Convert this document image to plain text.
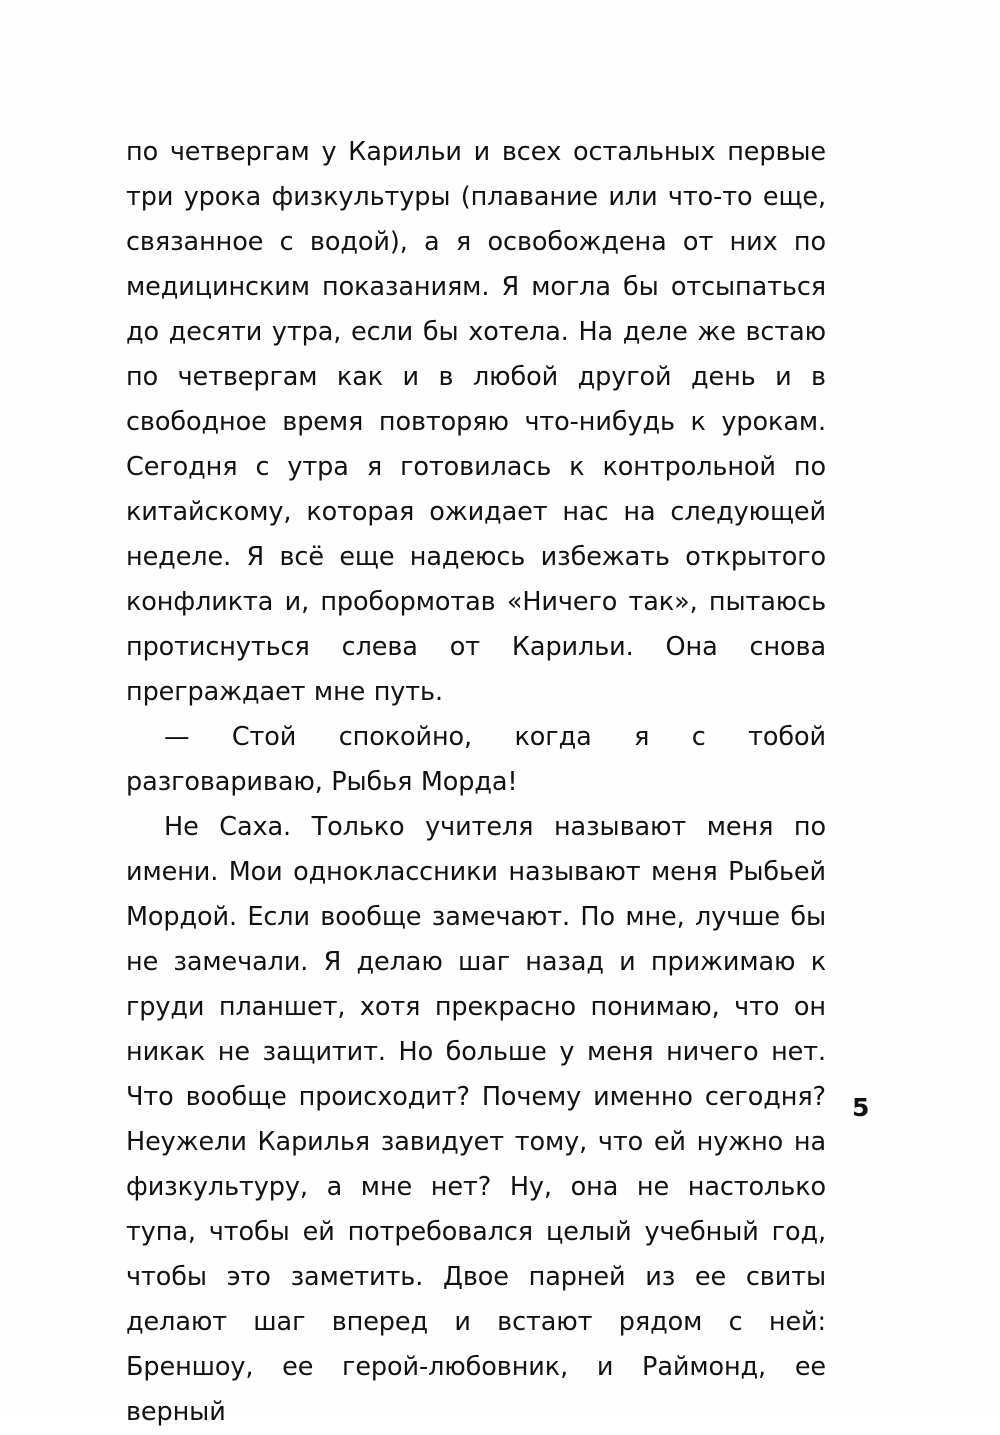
по четвергам у Карильи и всех остальных первые три урока физкультуры (плавание или что-то еще, связанное с водой), а я освобождена от них по медицинским показаниям. Я могла бы отсыпаться до десяти утра, если бы хотела. На деле же встаю по четвергам как и в любой другой день и в свободное время повторяю что-нибудь к урокам. Сегодня с утра я готовилась к контрольной по китайскому, которая ожидает нас на следующей неделе. Я всё еще надеюсь избежать открытого конфликта и, пробормотав «Ничего так», пытаюсь протиснуться слева от Карильи. Она снова преграждает мне путь.

— Стой спокойно, когда я с тобой разговариваю, Рыбья Морда!

Не Саха. Только учителя называют меня по имени. Мои одноклассники называют меня Рыбьей Мордой. Если вообще замечают. По мне, лучше бы не замечали. Я делаю шаг назад и прижимаю к груди планшет, хотя прекрасно понимаю, что он никак не защитит. Но больше у меня ничего нет. Что вообще происходит? Почему именно сегодня? Неужели Карилья завидует тому, что ей нужно на физкультуру, а мне нет? Ну, она не настолько тупа, чтобы ей потребовался целый учебный год, чтобы это заметить. Двое парней из ее свиты делают шаг вперед и встают рядом с ней: Бреншоу, ее герой-любовник, и Раймонд, ее верный

5
